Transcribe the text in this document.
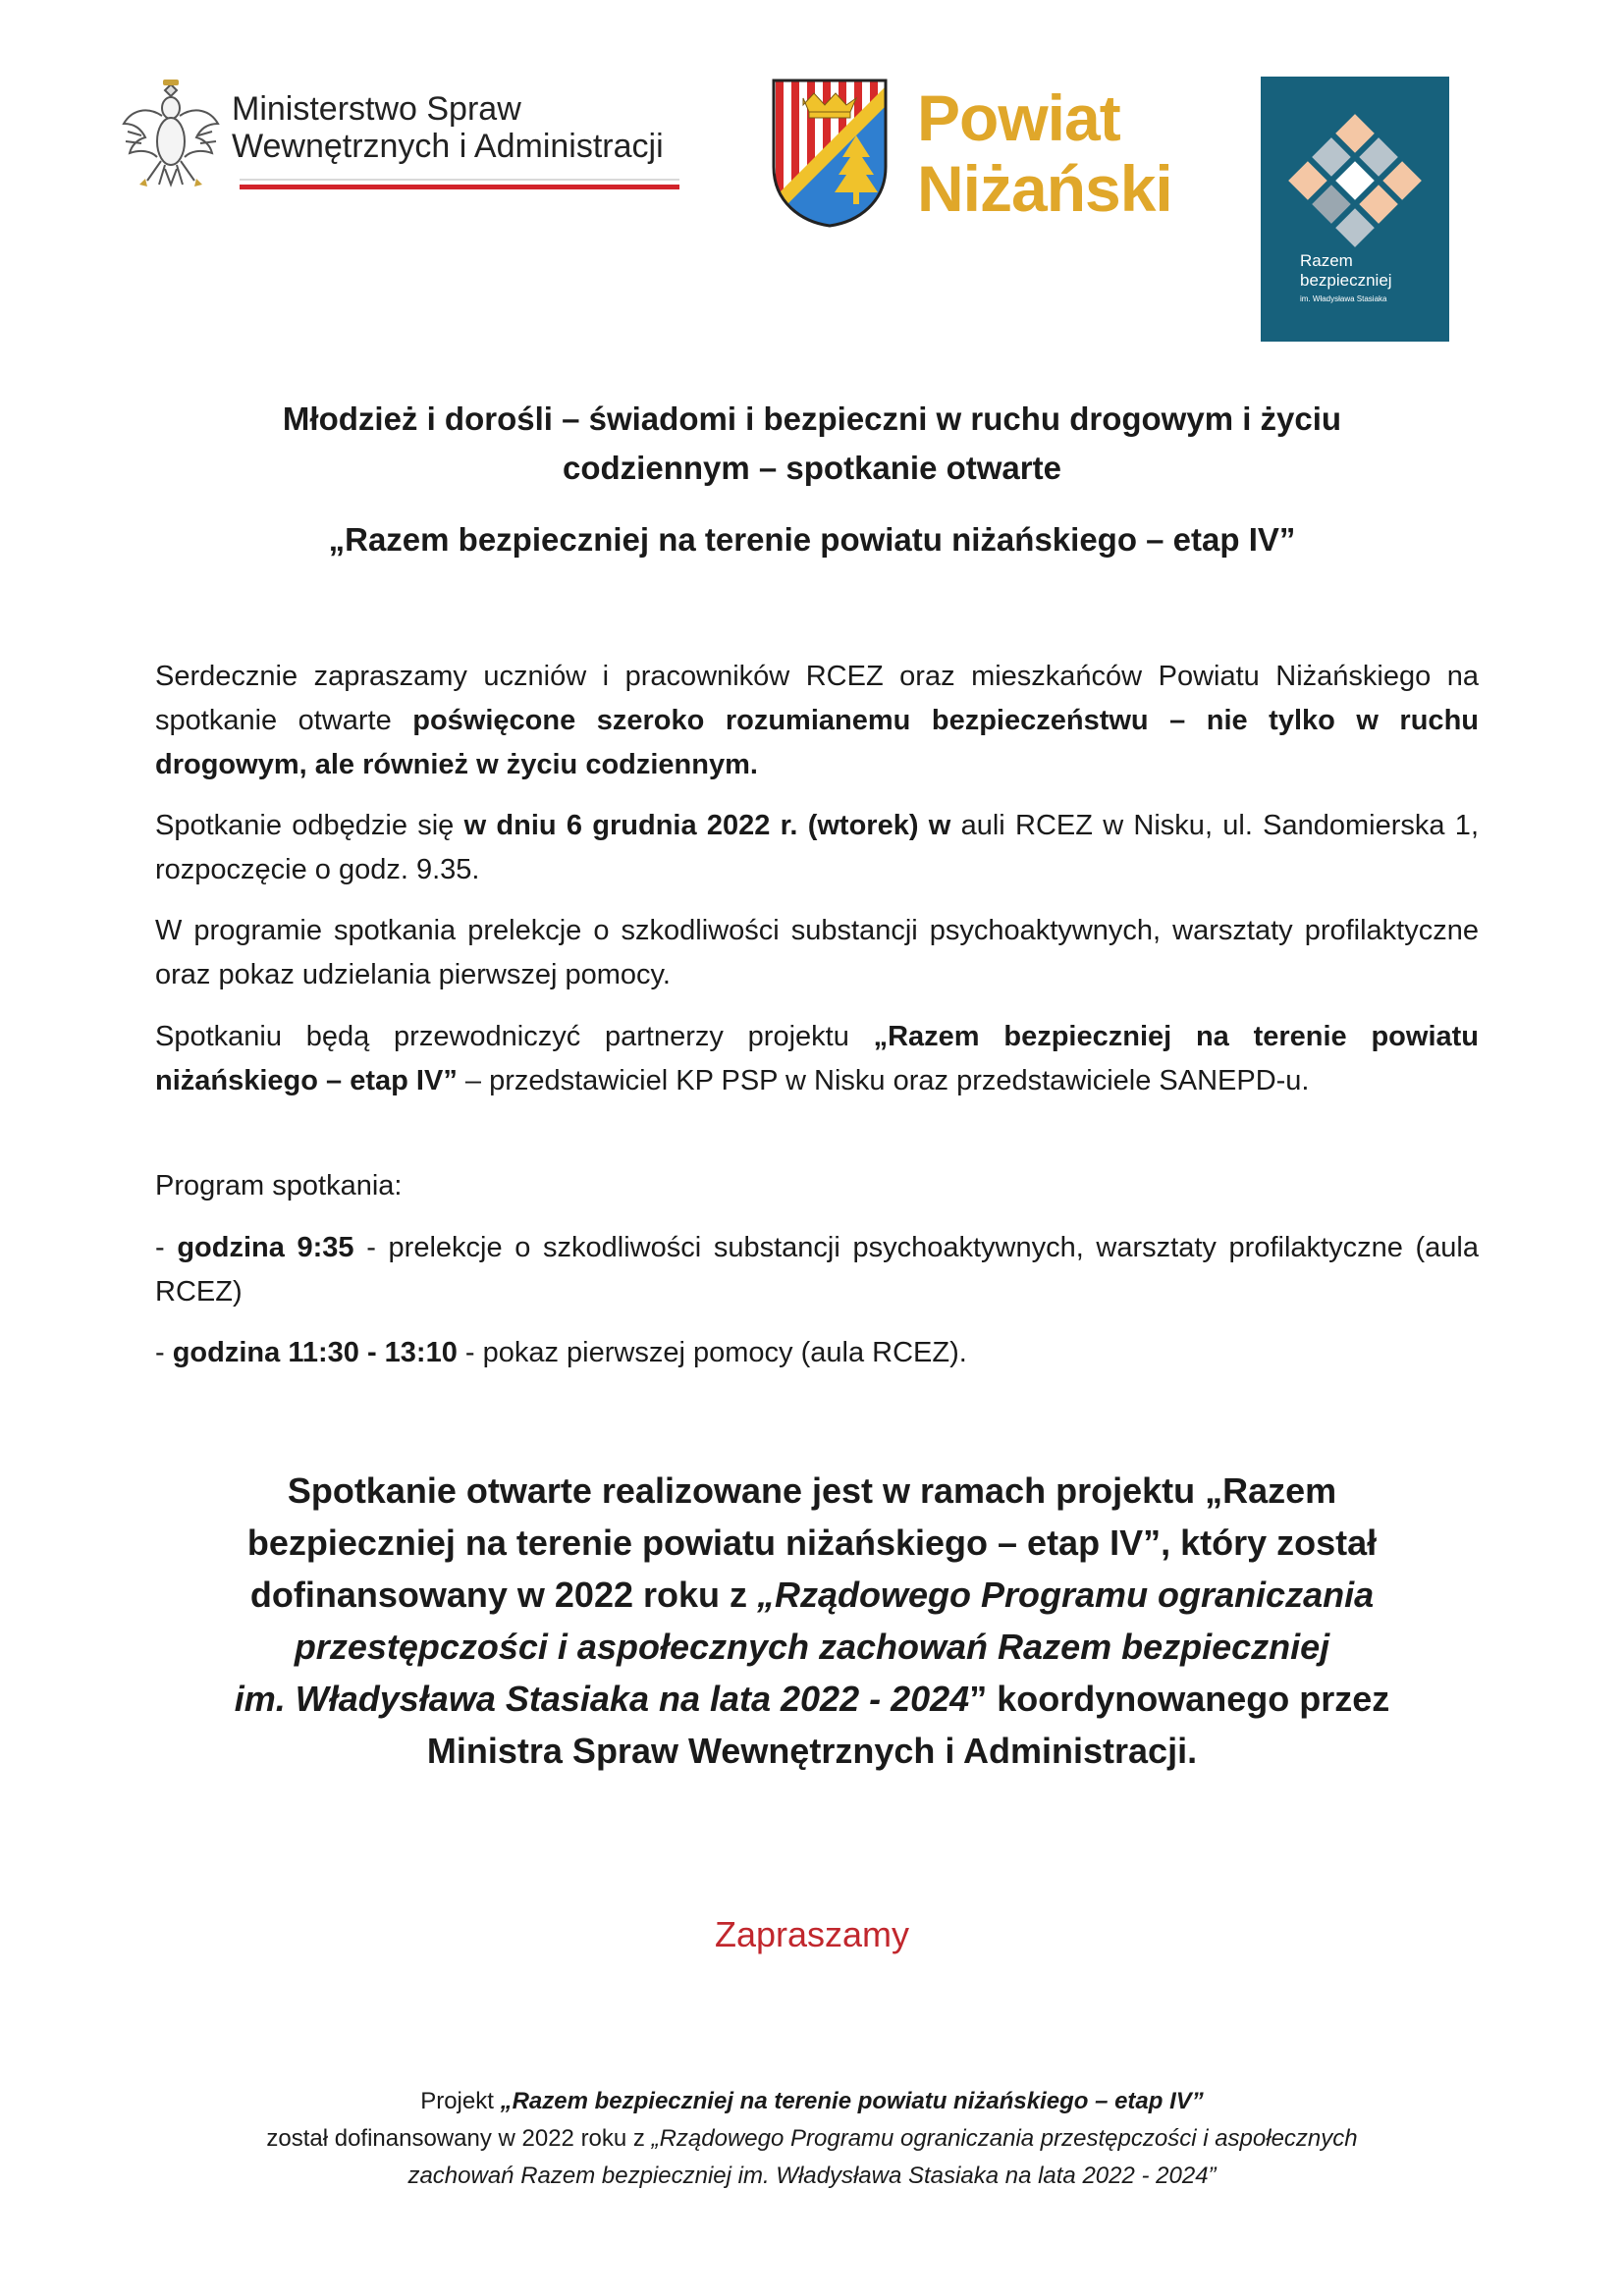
Ministerstwo Spraw
Wewnętrznych i Administracji	Powiat
Niżański
Razem
bezpieczniej
im. Władysława Stasiaka
Młodzież i dorośli – świadomi i bezpieczni w ruchu drogowym i życiu
codziennym – spotkanie otwarte
„Razem bezpieczniej na terenie powiatu niżańskiego – etap IV”

Serdecznie zapraszamy uczniów i pracowników RCEZ oraz mieszkańców Powiatu Niżańskiego na spotkanie otwarte poświęcone szeroko rozumianemu bezpieczeństwu – nie tylko w ruchu drogowym, ale również w życiu codziennym.

Spotkanie odbędzie się w dniu 6 grudnia 2022 r. (wtorek) w auli RCEZ w Nisku, ul. Sandomierska 1, rozpoczęcie o godz. 9.35.

W programie spotkania prelekcje o szkodliwości substancji psychoaktywnych, warsztaty profilaktyczne oraz pokaz udzielania pierwszej pomocy.

Spotkaniu będą przewodniczyć partnerzy projektu „Razem bezpieczniej na terenie powiatu niżańskiego – etap IV” – przedstawiciel KP PSP w Nisku oraz przedstawiciele SANEPD-u.

Program spotkania:

- godzina 9:35 - prelekcje o szkodliwości substancji psychoaktywnych, warsztaty profilaktyczne (aula RCEZ)

- godzina 11:30 - 13:10 - pokaz pierwszej pomocy (aula RCEZ).

Spotkanie otwarte realizowane jest w ramach projektu „Razem
bezpieczniej na terenie powiatu niżańskiego – etap IV”, który został
dofinansowany w 2022 roku z „Rządowego Programu ograniczania
przestępczości i aspołecznych zachowań Razem bezpieczniej
im. Władysława Stasiaka na lata 2022 - 2024” koordynowanego przez
Ministra Spraw Wewnętrznych i Administracji.
Zapraszamy
Projekt „Razem bezpieczniej na terenie powiatu niżańskiego – etap IV”
został dofinansowany w 2022 roku z „Rządowego Programu ograniczania przestępczości i aspołecznych
zachowań Razem bezpieczniej im. Władysława Stasiaka na lata 2022 - 2024”
